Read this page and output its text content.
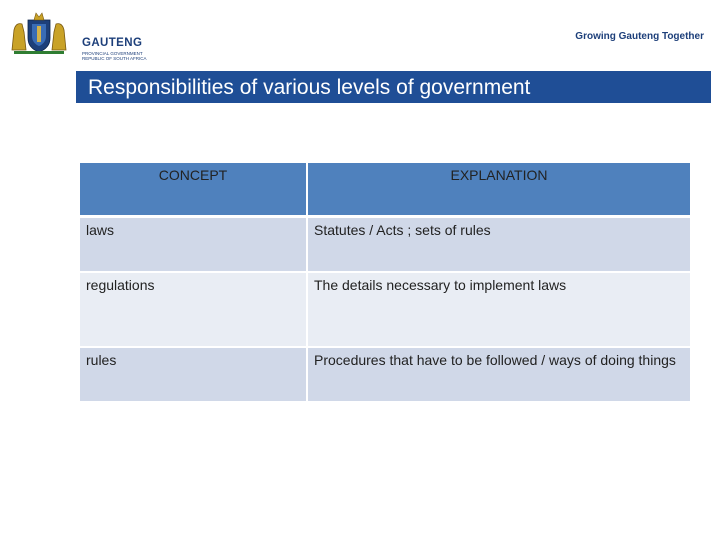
GAUTENG
PROVINCIAL GOVERNMENT
REPUBLIC OF SOUTH AFRICA
Growing Gauteng Together
Responsibilities of various levels of government
CONCEPT	EXPLANATION
laws	Statutes / Acts ; sets of rules
regulations	The details necessary to implement laws
rules	Procedures that have to be followed / ways of doing things
